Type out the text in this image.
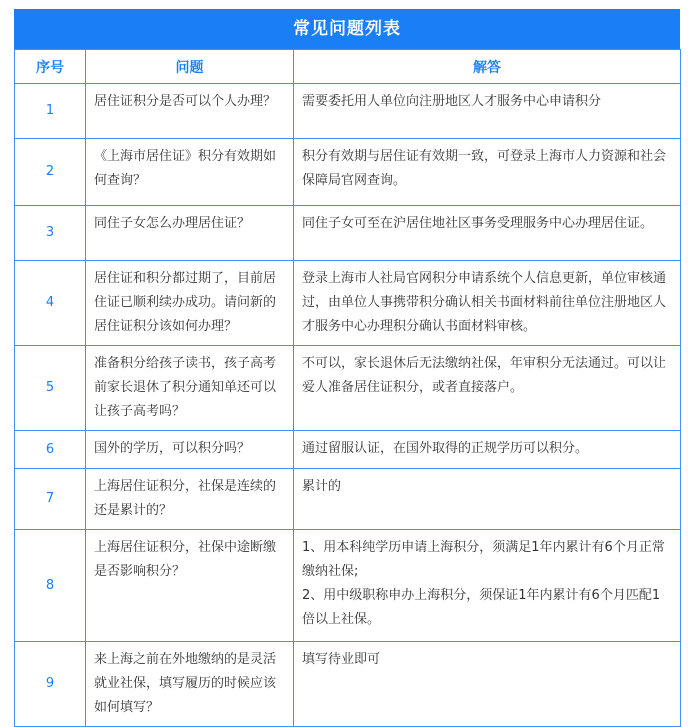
常见问题列表
序号	问题	解答
1	居住证积分是否可以个人办理？	需要委托用人单位向注册地区人才服务中心申请积分

2	《上海市居住证》积分有效期如何查询？	积分有效期与居住证有效期一致，可登录上海市人力资源和社会保障局官网查询。

3	同住子女怎么办理居住证？	同住子女可至在沪居住地社区事务受理服务中心办理居住证。

4	居住证和积分都过期了，目前居住证已顺利续办成功。请问新的居住证积分该如何办理？	登录上海市人社局官网积分申请系统个人信息更新，单位审核通过，由单位人事携带积分确认相关书面材料前往单位注册地区人才服务中心办理积分确认书面材料审核。

5	准备积分给孩子读书，孩子高考前家长退休了积分通知单还可以让孩子高考吗？	不可以，家长退休后无法缴纳社保，年审积分无法通过。可以让爱人准备居住证积分，或者直接落户。

6	国外的学历，可以积分吗？	通过留服认证，在国外取得的正规学历可以积分。

7	上海居住证积分，社保是连续的还是累计的？	累计的

8	上海居住证积分，社保中途断缴是否影响积分？	1、用本科纯学历申请上海积分，须满足1年内累计有6个月正常缴纳社保;
2、用中级职称申办上海积分，须保证1年内累计有6个月匹配1倍以上社保。

9	来上海之前在外地缴纳的是灵活就业社保，填写履历的时候应该如何填写？	填写待业即可
